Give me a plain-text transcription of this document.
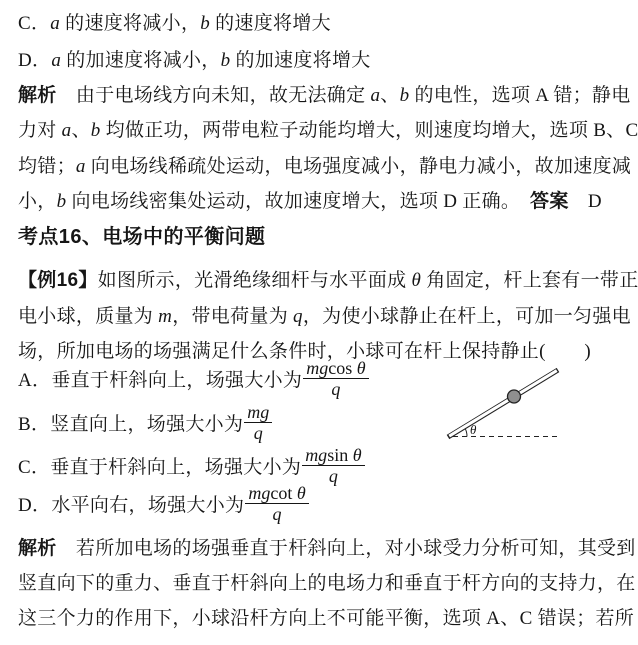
C．a 的速度将减小，b 的速度将增大
D．a 的加速度将减小，b 的加速度将增大
解析　由于电场线方向未知，故无法确定 a、b 的电性，选项 A 错；静电
力对 a、b 均做正功，两带电粒子动能均增大，则速度均增大，选项 B、C
均错；a 向电场线稀疏处运动，电场强度减小，静电力减小，故加速度减
小，b 向电场线密集处运动，故加速度增大，选项 D 正确。　 答案　D
考点16、电场中的平衡问题
【例16】如图所示，光滑绝缘细杆与水平面成 θ 角固定，杆上套有一带正
电小球，质量为 m，带电荷量为 q，为使小球静止在杆上，可加一匀强电
场，所加电场的场强满足什么条件时，小球可在杆上保持静止(　　)
A．垂直于杆斜向上，场强大小为 $\frac{\text{mgcos θ}}{q}$
B．竖直向上，场强大小为 $\frac{mg}{q}$
C．垂直于杆斜向上，场强大小为 $\frac{\text{mgsin θ}}{q}$
D．水平向右，场强大小为 $\frac{\text{mgcot θ}}{q}$
解析　若所加电场的场强垂直于杆斜向上，对小球受力分析可知，其受到
竖直向下的重力、垂直于杆斜向上的电场力和垂直于杆方向的支持力，在
这三个力的作用下，小球沿杆方向上不可能平衡，选项 A、C 错误；若所
θ
